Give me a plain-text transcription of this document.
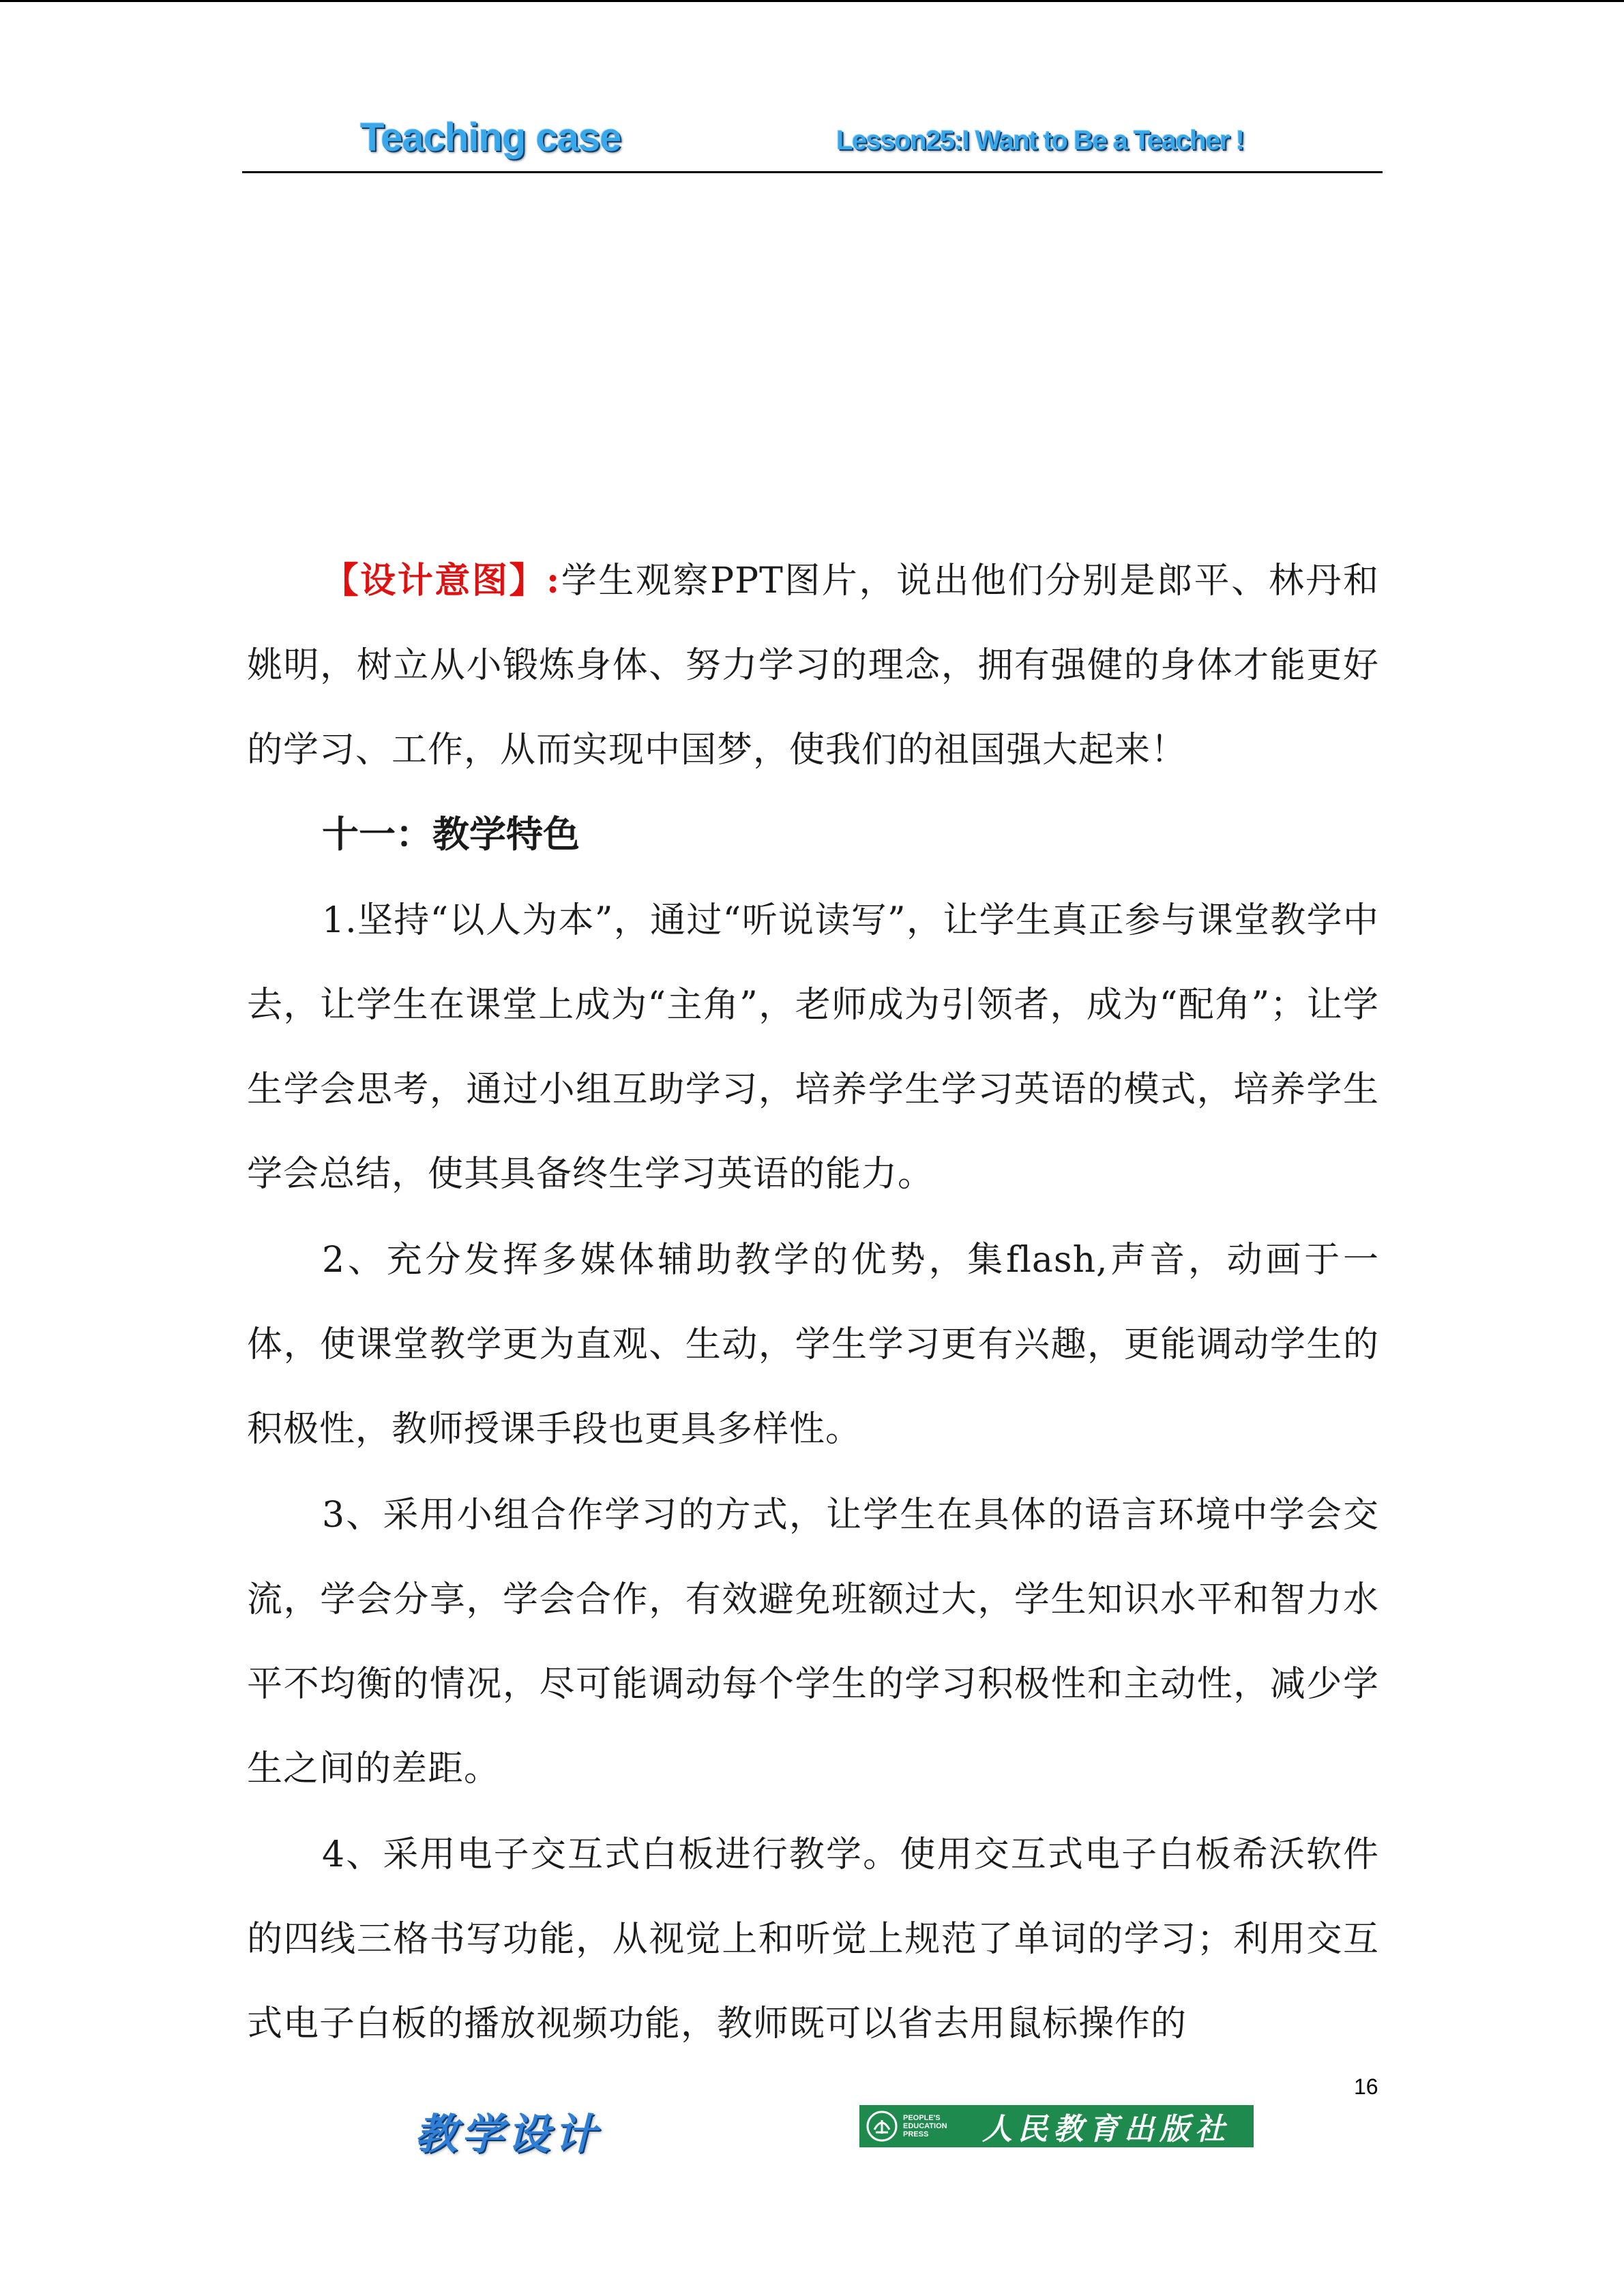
Teaching case	Lesson25:I Want to Be a Teacher !
【设计意图】:学生观察PPT图片，说出他们分别是郎平、林丹和姚明，树立从小锻炼身体、努力学习的理念，拥有强健的身体才能更好的学习、工作，从而实现中国梦，使我们的祖国强大起来！
十一：教学特色
1.坚持“以人为本”，通过“听说读写”，让学生真正参与课堂教学中去，让学生在课堂上成为“主角”，老师成为引领者，成为“配角”；让学生学会思考，通过小组互助学习，培养学生学习英语的模式，培养学生学会总结，使其具备终生学习英语的能力。
2、充分发挥多媒体辅助教学的优势，集flash,声音，动画于一体，使课堂教学更为直观、生动，学生学习更有兴趣，更能调动学生的积极性，教师授课手段也更具多样性。
3、采用小组合作学习的方式，让学生在具体的语言环境中学会交流，学会分享，学会合作，有效避免班额过大，学生知识水平和智力水平不均衡的情况，尽可能调动每个学生的学习积极性和主动性，减少学生之间的差距。
4、采用电子交互式白板进行教学。使用交互式电子白板希沃软件的四线三格书写功能，从视觉上和听觉上规范了单词的学习；利用交互式电子白板的播放视频功能，教师既可以省去用鼠标操作的
16
教学设计	PEOPLE'S
EDUCATION
PRESS	人民教育出版社
